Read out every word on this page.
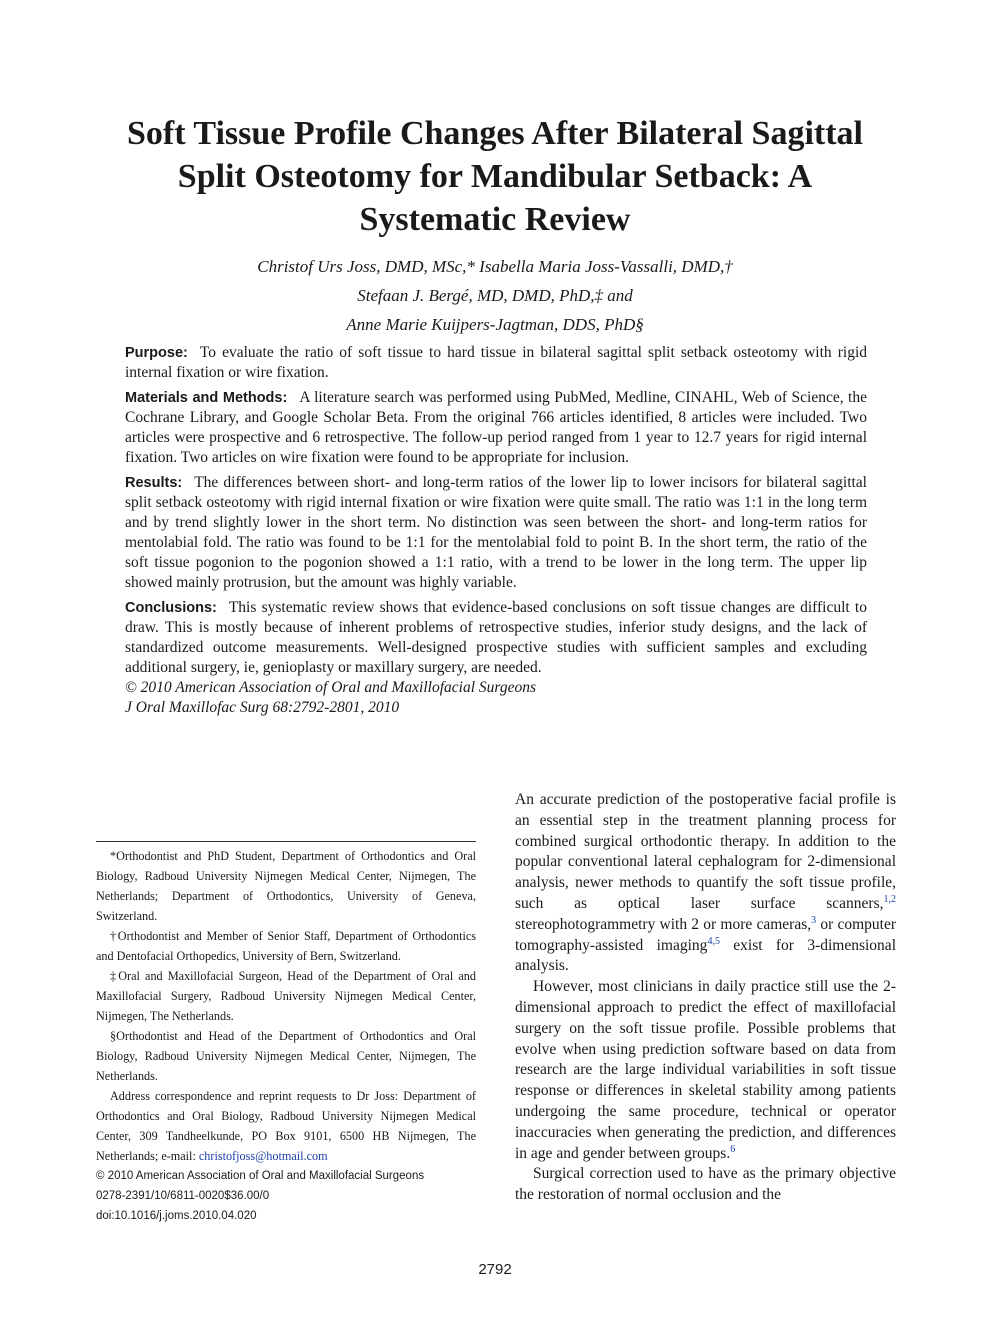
Soft Tissue Profile Changes After Bilateral Sagittal Split Osteotomy for Mandibular Setback: A Systematic Review
Christof Urs Joss, DMD, MSc,* Isabella Maria Joss-Vassalli, DMD,†
Stefaan J. Bergé, MD, DMD, PhD,‡ and
Anne Marie Kuijpers-Jagtman, DDS, PhD§

Purpose: To evaluate the ratio of soft tissue to hard tissue in bilateral sagittal split setback osteotomy with rigid internal fixation or wire fixation.

Materials and Methods: A literature search was performed using PubMed, Medline, CINAHL, Web of Science, the Cochrane Library, and Google Scholar Beta. From the original 766 articles identified, 8 articles were included. Two articles were prospective and 6 retrospective. The follow-up period ranged from 1 year to 12.7 years for rigid internal fixation. Two articles on wire fixation were found to be appropriate for inclusion.

Results: The differences between short- and long-term ratios of the lower lip to lower incisors for bilateral sagittal split setback osteotomy with rigid internal fixation or wire fixation were quite small. The ratio was 1:1 in the long term and by trend slightly lower in the short term. No distinction was seen between the short- and long-term ratios for mentolabial fold. The ratio was found to be 1:1 for the mentolabial fold to point B. In the short term, the ratio of the soft tissue pogonion to the pogonion showed a 1:1 ratio, with a trend to be lower in the long term. The upper lip showed mainly protrusion, but the amount was highly variable.

Conclusions: This systematic review shows that evidence-based conclusions on soft tissue changes are difficult to draw. This is mostly because of inherent problems of retrospective studies, inferior study designs, and the lack of standardized outcome measurements. Well-designed prospective studies with sufficient samples and excluding additional surgery, ie, genioplasty or maxillary surgery, are needed.
© 2010 American Association of Oral and Maxillofacial Surgeons
J Oral Maxillofac Surg 68:2792-2801, 2010

*Orthodontist and PhD Student, Department of Orthodontics and Oral Biology, Radboud University Nijmegen Medical Center, Nijmegen, The Netherlands; Department of Orthodontics, University of Geneva, Switzerland.

†Orthodontist and Member of Senior Staff, Department of Orthodontics and Dentofacial Orthopedics, University of Bern, Switzerland.

‡Oral and Maxillofacial Surgeon, Head of the Department of Oral and Maxillofacial Surgery, Radboud University Nijmegen Medical Center, Nijmegen, The Netherlands.

§Orthodontist and Head of the Department of Orthodontics and Oral Biology, Radboud University Nijmegen Medical Center, Nijmegen, The Netherlands.

Address correspondence and reprint requests to Dr Joss: Department of Orthodontics and Oral Biology, Radboud University Nijmegen Medical Center, 309 Tandheelkunde, PO Box 9101, 6500 HB Nijmegen, The Netherlands; e-mail: christofjoss@hotmail.com

© 2010 American Association of Oral and Maxillofacial Surgeons

0278-2391/10/6811-0020$36.00/0

doi:10.1016/j.joms.2010.04.020

An accurate prediction of the postoperative facial profile is an essential step in the treatment planning process for combined surgical orthodontic therapy. In addition to the popular conventional lateral cephalogram for 2-dimensional analysis, newer methods to quantify the soft tissue profile, such as optical laser surface scanners,$^{1,2}$ stereophotogrammetry with 2 or more cameras,$^3$ or computer tomography-assisted imaging$^{4,5}$ exist for 3-dimensional analysis.

However, most clinicians in daily practice still use the 2-dimensional approach to predict the effect of maxillofacial surgery on the soft tissue profile. Possible problems that evolve when using prediction software based on data from research are the large individual variabilities in soft tissue response or differences in skeletal stability among patients undergoing the same procedure, technical or operator inaccuracies when generating the prediction, and differences in age and gender between groups.$^6$

Surgical correction used to have as the primary objective the restoration of normal occlusion and the

2792
